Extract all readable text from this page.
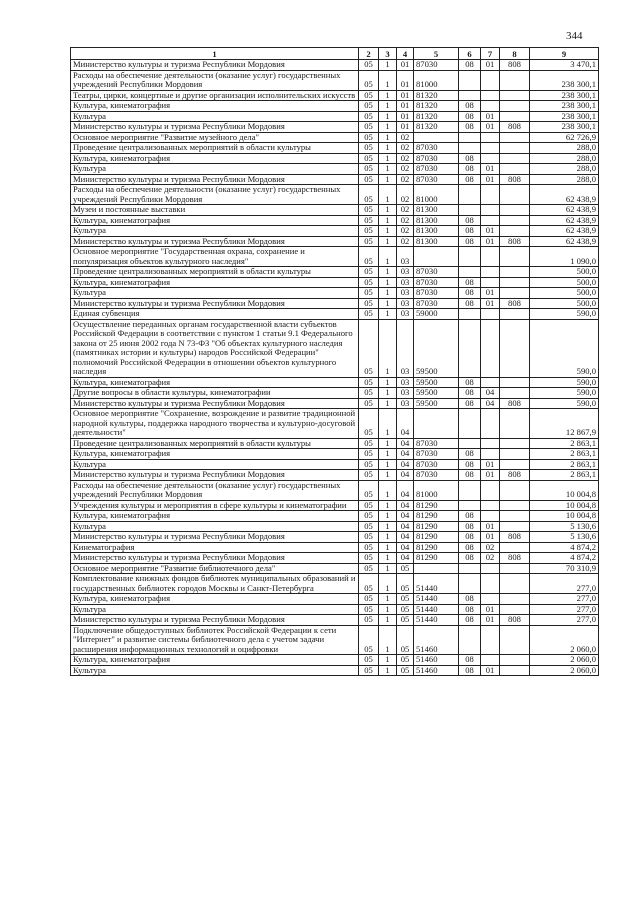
344
1	2	3	4	5	6	7	8	9
Министерство культуры и туризма Республики Мордовия	05	1	01	87030	08	01	808	3 470,1
Расходы на обеспечение деятельности (оказание услуг) государственных учреждений Республики Мордовия	05	1	01	81000				238 300,1
Театры, цирки, концертные и другие организации исполнительских искусств	05	1	01	81320				238 300,1
Культура, кинематография	05	1	01	81320	08			238 300,1
Культура	05	1	01	81320	08	01		238 300,1
Министерство культуры и туризма Республики Мордовия	05	1	01	81320	08	01	808	238 300,1
Основное мероприятие "Развитие музейного дела"	05	1	02					62 726,9
Проведение централизованных мероприятий в области культуры	05	1	02	87030				288,0
Культура, кинематография	05	1	02	87030	08			288,0
Культура	05	1	02	87030	08	01		288,0
Министерство культуры и туризма Республики Мордовия	05	1	02	87030	08	01	808	288,0
Расходы на обеспечение деятельности (оказание услуг) государственных учреждений Республики Мордовия	05	1	02	81000				62 438,9
Музеи и постоянные выставки	05	1	02	81300				62 438,9
Культура, кинематография	05	1	02	81300	08			62 438,9
Культура	05	1	02	81300	08	01		62 438,9
Министерство культуры и туризма Республики Мордовия	05	1	02	81300	08	01	808	62 438,9
Основное мероприятие "Государственная охрана, сохранение и популяризация объектов культурного наследия"	05	1	03					1 090,0
Проведение централизованных мероприятий в области культуры	05	1	03	87030				500,0
Культура, кинематография	05	1	03	87030	08			500,0
Культура	05	1	03	87030	08	01		500,0
Министерство культуры и туризма Республики Мордовия	05	1	03	87030	08	01	808	500,0
Единая субвенция	05	1	03	59000				590,0
Осуществление переданных органам государственной власти субъектов Российской Федерации в соответствии с пунктом 1 статьи 9.1 Федерального закона от 25 июня 2002 года N 73-ФЗ "Об объектах культурного наследия (памятниках истории и культуры) народов Российской Федерации" полномочий Российской Федерации в отношении объектов культурного наследия	05	1	03	59500				590,0
Культура, кинематография	05	1	03	59500	08			590,0
Другие вопросы в области культуры, кинематографии	05	1	03	59500	08	04		590,0
Министерство культуры и туризма Республики Мордовия	05	1	03	59500	08	04	808	590,0
Основное мероприятие "Сохранение, возрождение и развитие традиционной народной культуры, поддержка народного творчества и культурно-досуговой деятельности"	05	1	04					12 867,9
Проведение централизованных мероприятий в области культуры	05	1	04	87030				2 863,1
Культура, кинематография	05	1	04	87030	08			2 863,1
Культура	05	1	04	87030	08	01		2 863,1
Министерство культуры и туризма Республики Мордовия	05	1	04	87030	08	01	808	2 863,1
Расходы на обеспечение деятельности (оказание услуг) государственных учреждений Республики Мордовия	05	1	04	81000				10 004,8
Учреждения культуры и мероприятия в сфере культуры и кинематографии	05	1	04	81290				10 004,8
Культура, кинематография	05	1	04	81290	08			10 004,8
Культура	05	1	04	81290	08	01		5 130,6
Министерство культуры и туризма Республики Мордовия	05	1	04	81290	08	01	808	5 130,6
Кинематография	05	1	04	81290	08	02		4 874,2
Министерство культуры и туризма Республики Мордовия	05	1	04	81290	08	02	808	4 874,2
Основное мероприятие "Развитие библиотечного дела"	05	1	05					70 310,9
Комплектование книжных фондов библиотек муниципальных образований и государственных библиотек городов Москвы и Санкт-Петербурга	05	1	05	51440				277,0
Культура, кинематография	05	1	05	51440	08			277,0
Культура	05	1	05	51440	08	01		277,0
Министерство культуры и туризма Республики Мордовия	05	1	05	51440	08	01	808	277,0
Подключение общедоступных библиотек Российской Федерации к сети "Интернет" и развитие системы библиотечного дела с учетом задачи расширения информационных технологий и оцифровки	05	1	05	51460				2 060,0
Культура, кинематография	05	1	05	51460	08			2 060,0
Культура	05	1	05	51460	08	01		2 060,0
